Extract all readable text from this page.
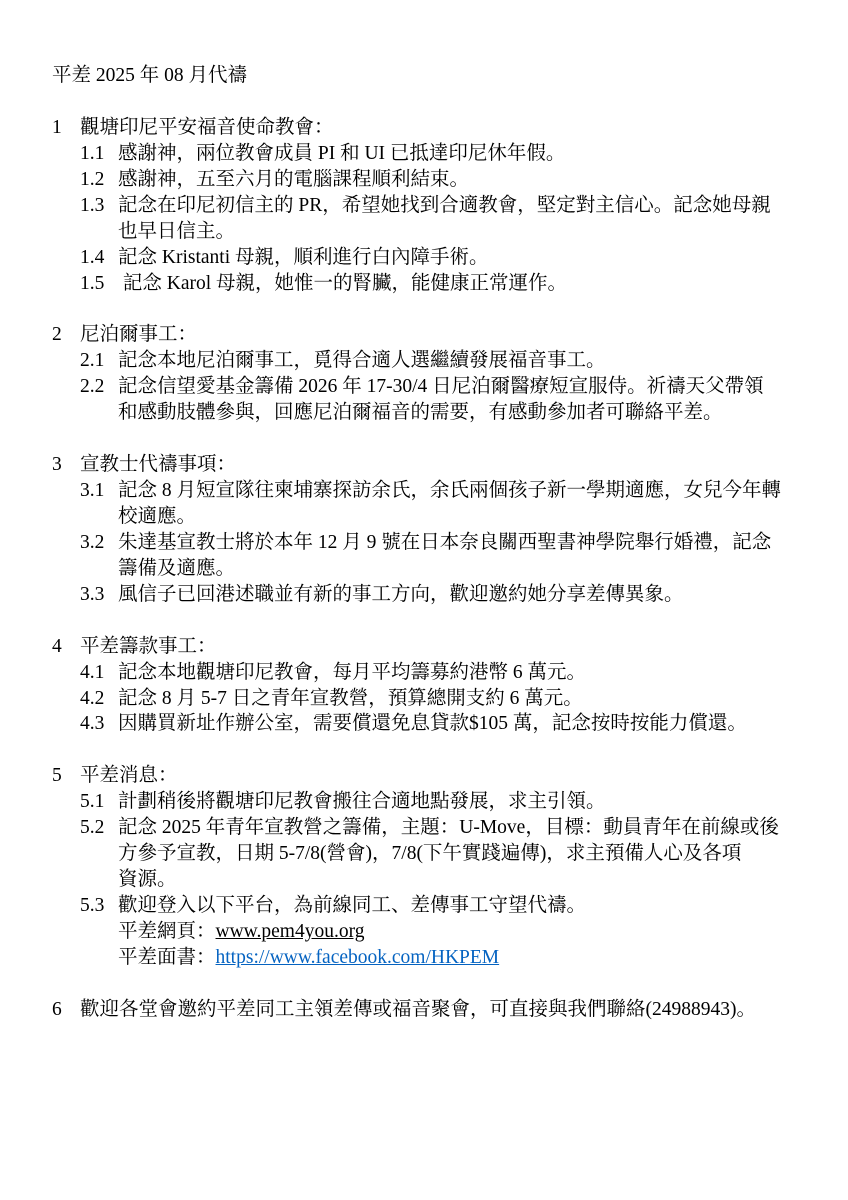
平差 2025 年 08 月代禱
1 觀塘印尼平安福音使命教會：
1.1 感謝神，兩位教會成員 PI 和 UI 已抵達印尼休年假。
1.2 感謝神，五至六月的電腦課程順利結束。
1.3 記念在印尼初信主的 PR，希望她找到合適教會，堅定對主信心。記念她母親
也早日信主。
1.4 記念 Kristanti 母親，順利進行白內障手術。
1.5 記念 Karol 母親，她惟一的腎臟，能健康正常運作。
2 尼泊爾事工：
2.1 記念本地尼泊爾事工，覓得合適人選繼續發展福音事工。
2.2 記念信望愛基金籌備 2026 年 17-30/4 日尼泊爾醫療短宣服侍。祈禱天父帶領
和感動肢體參與，回應尼泊爾福音的需要，有感動參加者可聯絡平差。
3 宣教士代禱事項：
3.1 記念 8 月短宣隊往柬埔寨探訪余氏，余氏兩個孩子新一學期適應，女兒今年轉
校適應。
3.2 朱達基宣教士將於本年 12 月 9 號在日本奈良關西聖書神學院舉行婚禮，記念
籌備及適應。
3.3 風信子已回港述職並有新的事工方向，歡迎邀約她分享差傳異象。
4 平差籌款事工：
4.1 記念本地觀塘印尼教會，每月平均籌募約港幣 6 萬元。
4.2 記念 8 月 5-7 日之青年宣教營，預算總開支約 6 萬元。
4.3 因購買新址作辦公室，需要償還免息貸款$105 萬，記念按時按能力償還。
5 平差消息：
5.1 計劃稍後將觀塘印尼教會搬往合適地點發展，求主引領。
5.2 記念 2025 年青年宣教營之籌備，主題：U-Move，目標：動員青年在前線或後
方參予宣教，日期 5-7/8(營會)，7/8(下午實踐遍傳)，求主預備人心及各項
資源。
5.3 歡迎登入以下平台，為前線同工、差傳事工守望代禱。
平差網頁：www.pem4you.org
平差面書：https://www.facebook.com/HKPEM
6 歡迎各堂會邀約平差同工主領差傳或福音聚會，可直接與我們聯絡(24988943)。
